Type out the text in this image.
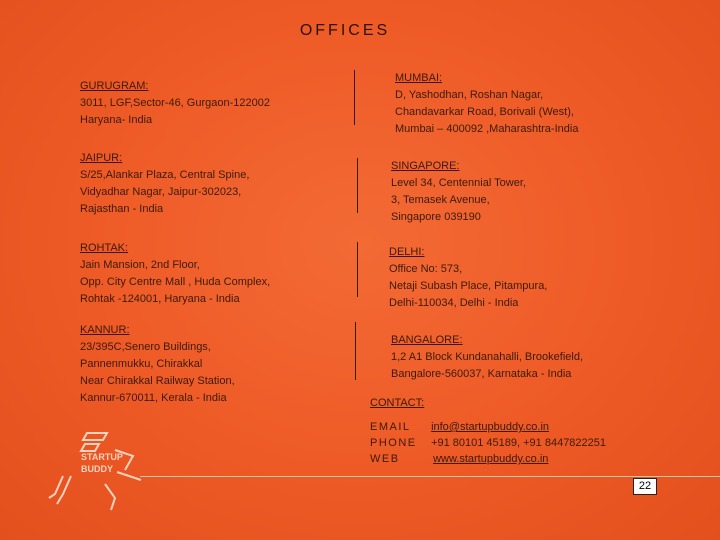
OFFICES
GURUGRAM:
3011, LGF,Sector-46, Gurgaon-122002
Haryana- India
JAIPUR:
S/25,Alankar Plaza, Central Spine,
Vidyadhar Nagar, Jaipur-302023,
Rajasthan - India
ROHTAK:
Jain Mansion, 2nd Floor,
Opp. City Centre Mall , Huda Complex,
Rohtak -124001, Haryana - India
KANNUR:
23/395C,Senero Buildings,
Pannenmukku, Chirakkal
Near Chirakkal Railway Station,
Kannur-670011, Kerala - India
MUMBAI:
D, Yashodhan, Roshan Nagar,
Chandavarkar Road, Borivali (West),
Mumbai – 400092 ,Maharashtra-India
SINGAPORE:
Level 34, Centennial Tower,
3, Temasek Avenue,
Singapore 039190
DELHI:
Office No: 573,
Netaji Subash Place, Pitampura,
Delhi-110034, Delhi - India
BANGALORE:
1,2 A1 Block Kundanahalli, Brookefield,
Bangalore-560037, Karnataka - India
CONTACT:
EMAIL info@startupbuddy.co.in
PHONE +91 80101 45189, +91 8447822251
WEB	www.startupbuddy.co.in
STARTUP
BUDDY
22
